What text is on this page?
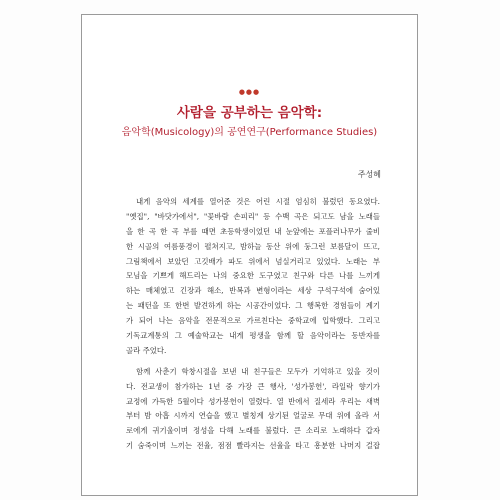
●●●
사람을 공부하는 음악학:
음악학(Musicology)의 공연연구(Performance Studies)
주성혜

내게 음악의 세계를 열어준 것은 어린 시절 엄심히 불렀던 동요였다.

"옛집", "바닷가에서", "꽃바람 손피리" 등 수백 곡은 되고도 남을 노래들

을 한 곡 한 곡 부를 때면 초등학생이었던 내 눈앞에는 포플러나무가 줄비

한 시골의 여름풍경이 펼쳐지고, 밤하늘 동산 위에 둥그런 보름달이 뜨고,

그림책에서 보았던 고깃배가 파도 위에서 넘실거리고 있었다. 노래는 부

모님을 기쁘게 해드리는 나의 중요한 도구였고 친구와 다른 나를 느끼게

하는 매체였고 긴장과 해소, 반복과 변형이라는 세상 구석구석에 숨어있

는 패턴을 또 한번 발견하게 하는 시공간이었다. 그 행복한 경험들이 계기

가 되어 나는 음악을 전문적으로 가르친다는 중학교에 입학했다. 그리고

기독교계통의 그 예술학교는 내게 평생을 함께 할 음악이라는 동반자를

골라 주었다.

함께 사춘기 학창시절을 보낸 내 친구들은 모두가 기억하고 있을 것이

다. 전교생이 참가하는 1년 중 가장 큰 행사, '성가봉헌', 라일락 향기가

교정에 가득한 5월이다 성가봉헌이 열렸다. 열 반에서 질세라 우리는 새벽

부터 밤 아홉 시까지 연습을 했고 별칭계 상기된 얼굴로 무대 위에 올라 서

로에게 귀기울이며 정성을 다해 노래를 불렀다. 큰 소리로 노래하다 갑자

기 숨죽이며 느끼는 전율, 점점 빨라지는 선율을 타고 흥분한 나머지 걸잡
